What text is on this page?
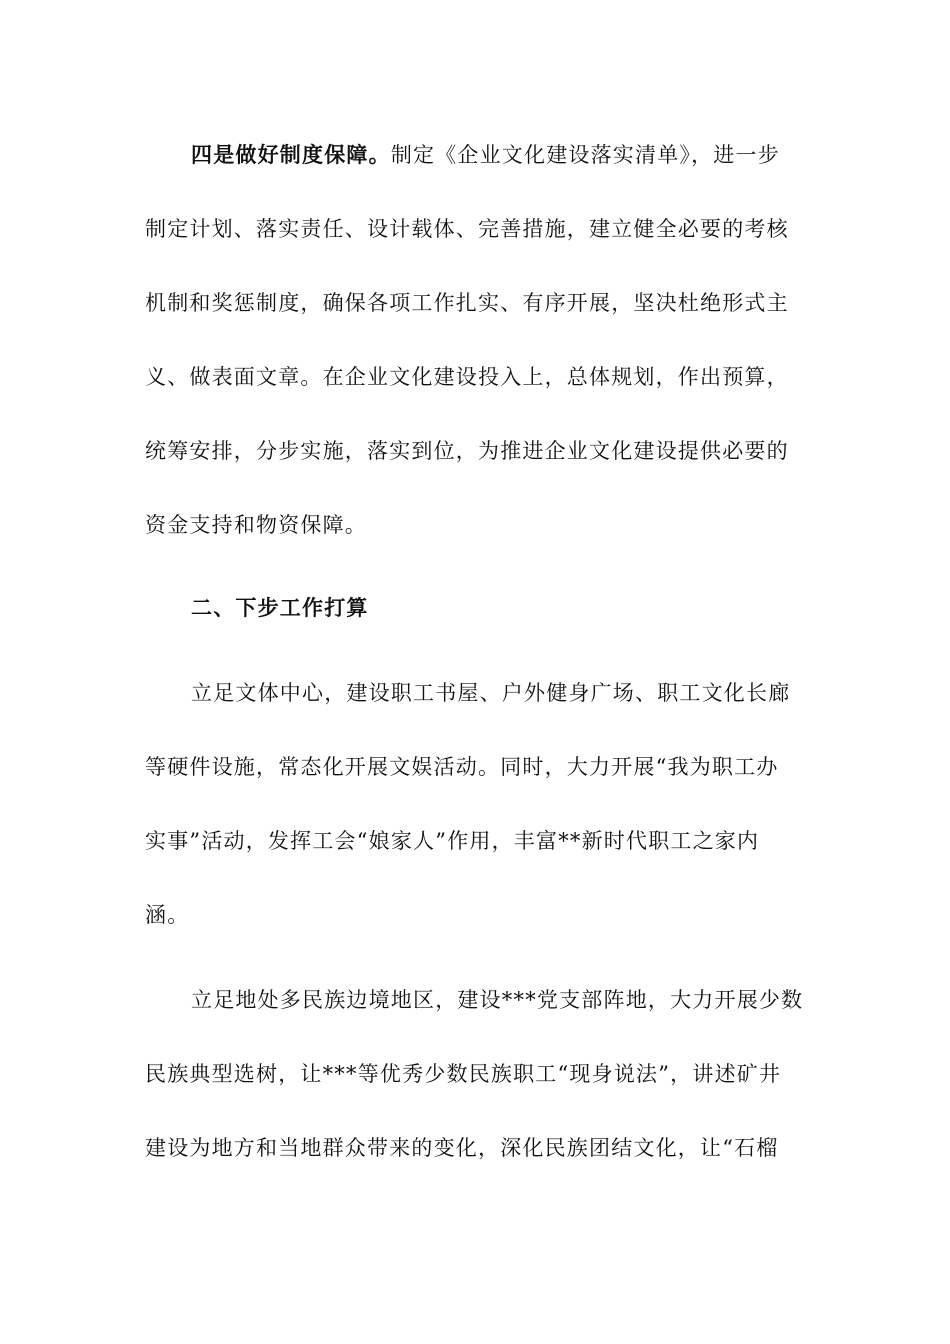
四是做好制度保障。制定《企业文化建设落实清单》，进一步
制定计划、落实责任、设计载体、完善措施，建立健全必要的考核
机制和奖惩制度，确保各项工作扎实、有序开展，坚决杜绝形式主
义、做表面文章。在企业文化建设投入上，总体规划，作出预算，
统筹安排，分步实施，落实到位，为推进企业文化建设提供必要的
资金支持和物资保障。
二、下步工作打算
立足文体中心，建设职工书屋、户外健身广场、职工文化长廊
等硬件设施，常态化开展文娱活动。同时，大力开展“我为职工办
实事”活动，发挥工会“娘家人”作用，丰富**新时代职工之家内
涵。
立足地处多民族边境地区，建设***党支部阵地，大力开展少数
民族典型选树，让***等优秀少数民族职工“现身说法”，讲述矿井
建设为地方和当地群众带来的变化，深化民族团结文化，让“石榴
